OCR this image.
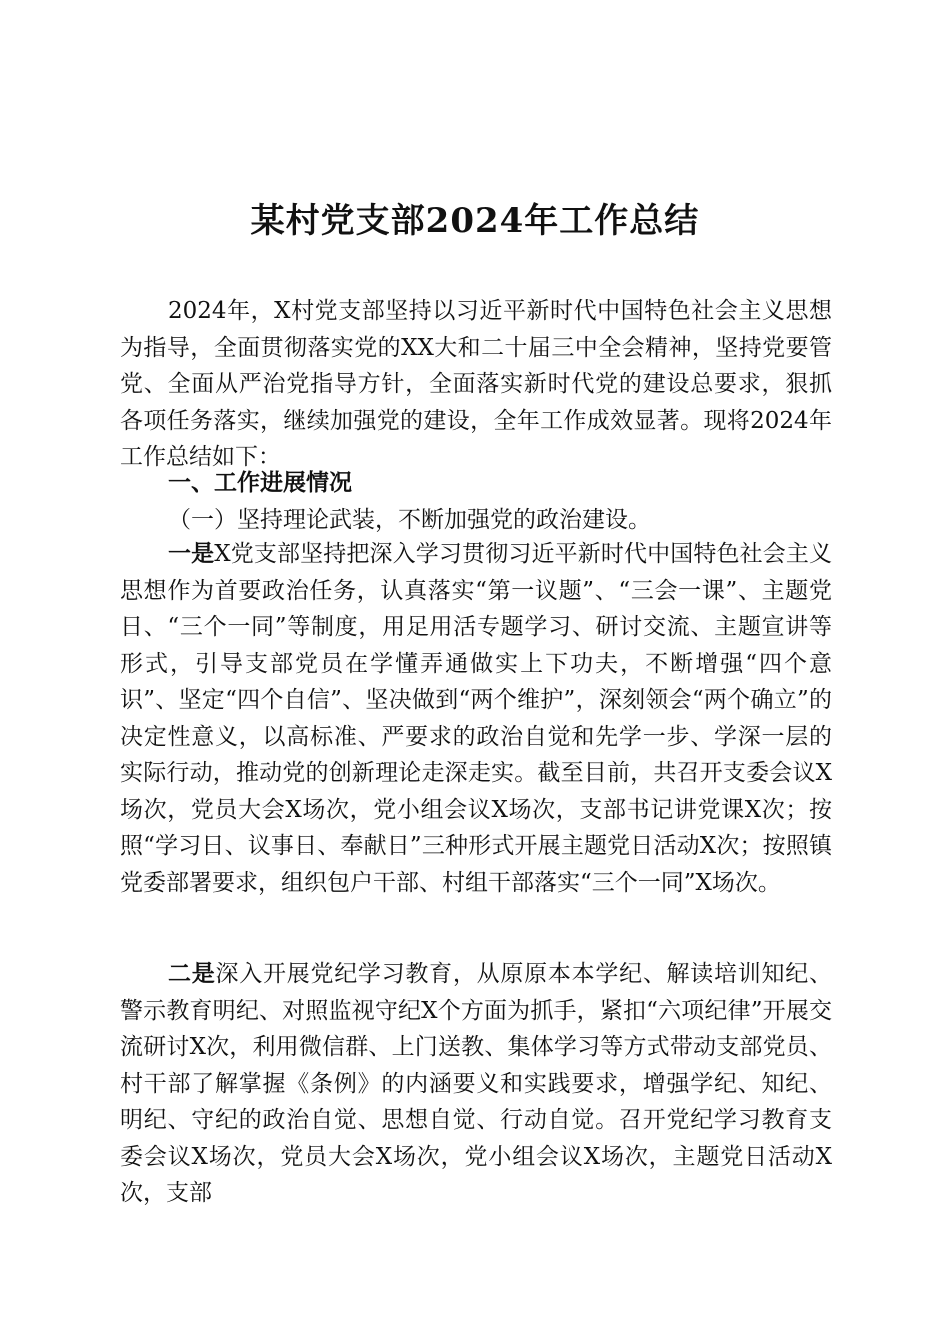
某村党支部2024年工作总结

2024年，X村党支部坚持以习近平新时代中国特色社会主义思想为指导，全面贯彻落实党的XX大和二十届三中全会精神，坚持党要管党、全面从严治党指导方针，全面落实新时代党的建设总要求，狠抓各项任务落实，继续加强党的建设，全年工作成效显著。现将2024年工作总结如下：

一、工作进展情况

（一）坚持理论武装，不断加强党的政治建设。

一是X党支部坚持把深入学习贯彻习近平新时代中国特色社会主义思想作为首要政治任务，认真落实“第一议题”、“三会一课”、主题党日、“三个一同”等制度，用足用活专题学习、研讨交流、主题宣讲等形式，引导支部党员在学懂弄通做实上下功夫，不断增强“四个意识”、坚定“四个自信”、坚决做到“两个维护”，深刻领会“两个确立”的决定性意义，以高标准、严要求的政治自觉和先学一步、学深一层的实际行动，推动党的创新理论走深走实。截至目前，共召开支委会议X场次，党员大会X场次，党小组会议X场次，支部书记讲党课X次；按照“学习日、议事日、奉献日”三种形式开展主题党日活动X次；按照镇党委部署要求，组织包户干部、村组干部落实“三个一同”X场次。

二是深入开展党纪学习教育，从原原本本学纪、解读培训知纪、警示教育明纪、对照监视守纪X个方面为抓手，紧扣“六项纪律”开展交流研讨X次，利用微信群、上门送教、集体学习等方式带动支部党员、村干部了解掌握《条例》的内涵要义和实践要求，增强学纪、知纪、明纪、守纪的政治自觉、思想自觉、行动自觉。召开党纪学习教育支委会议X场次，党员大会X场次，党小组会议X场次，主题党日活动X次，支部
